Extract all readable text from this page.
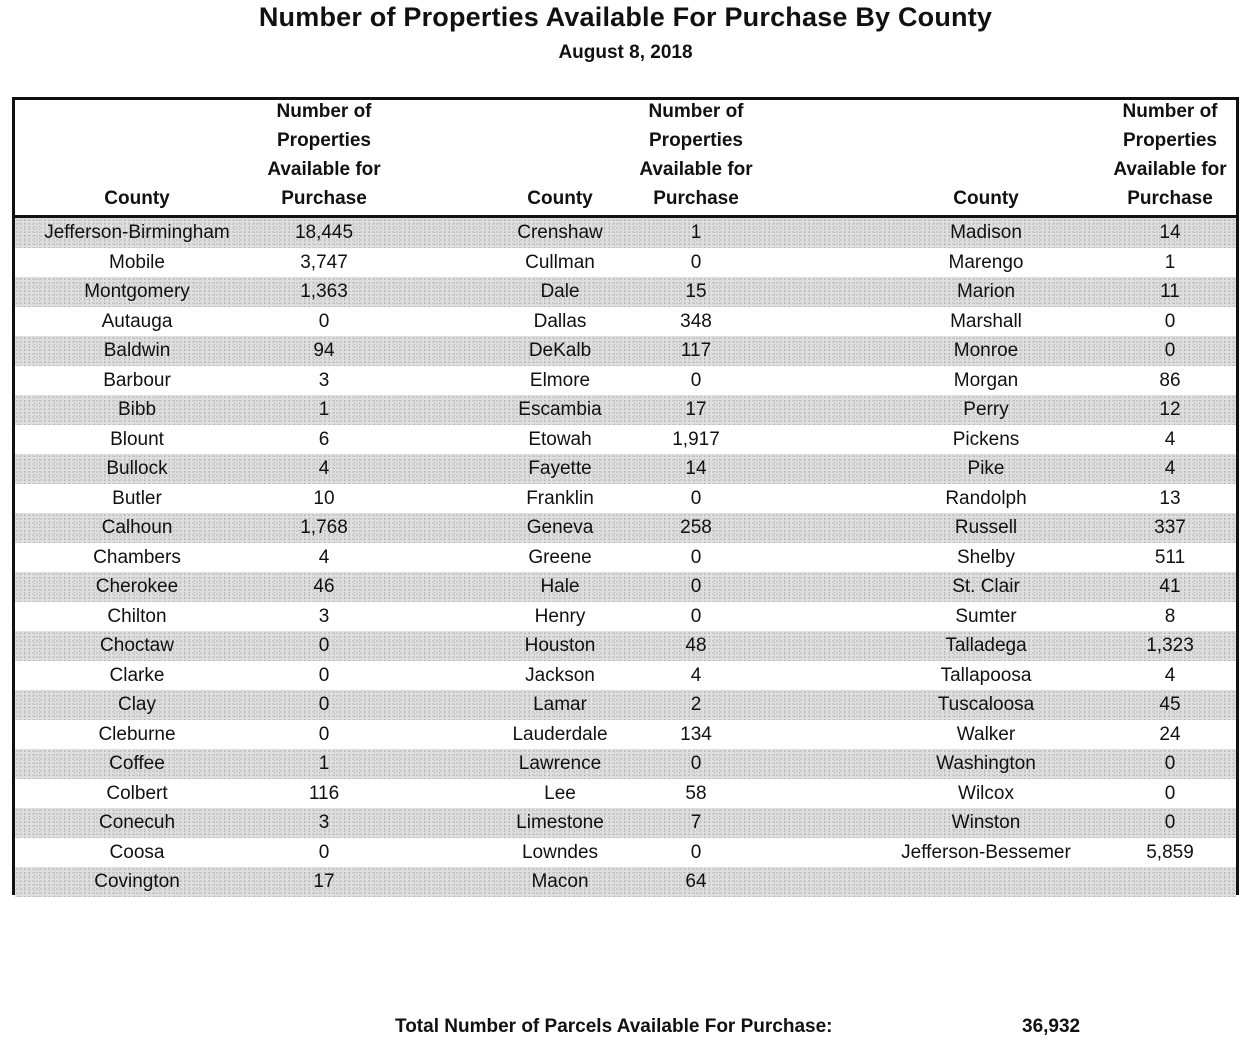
Number of Properties Available For Purchase By County
August 8, 2018
County
Number of
Properties
Available for
Purchase	County
Number of
Properties
Available for
Purchase	County
Number of
Properties
Available for
Purchase
Jefferson-Birmingham	18,445	Crenshaw	1	Madison	14
Mobile	3,747	Cullman	0	Marengo	1
Montgomery	1,363	Dale	15	Marion	11
Autauga	0	Dallas	348	Marshall	0
Baldwin	94	DeKalb	117	Monroe	0
Barbour	3	Elmore	0	Morgan	86
Bibb	1	Escambia	17	Perry	12
Blount	6	Etowah	1,917	Pickens	4
Bullock	4	Fayette	14	Pike	4
Butler	10	Franklin	0	Randolph	13
Calhoun	1,768	Geneva	258	Russell	337
Chambers	4	Greene	0	Shelby	511
Cherokee	46	Hale	0	St. Clair	41
Chilton	3	Henry	0	Sumter	8
Choctaw	0	Houston	48	Talladega	1,323
Clarke	0	Jackson	4	Tallapoosa	4
Clay	0	Lamar	2	Tuscaloosa	45
Cleburne	0	Lauderdale	134	Walker	24
Coffee	1	Lawrence	0	Washington	0
Colbert	116	Lee	58	Wilcox	0
Conecuh	3	Limestone	7	Winston	0
Coosa	0	Lowndes	0	Jefferson-Bessemer	5,859
Covington	17	Macon	64
Total Number of Parcels Available For Purchase:	36,932
